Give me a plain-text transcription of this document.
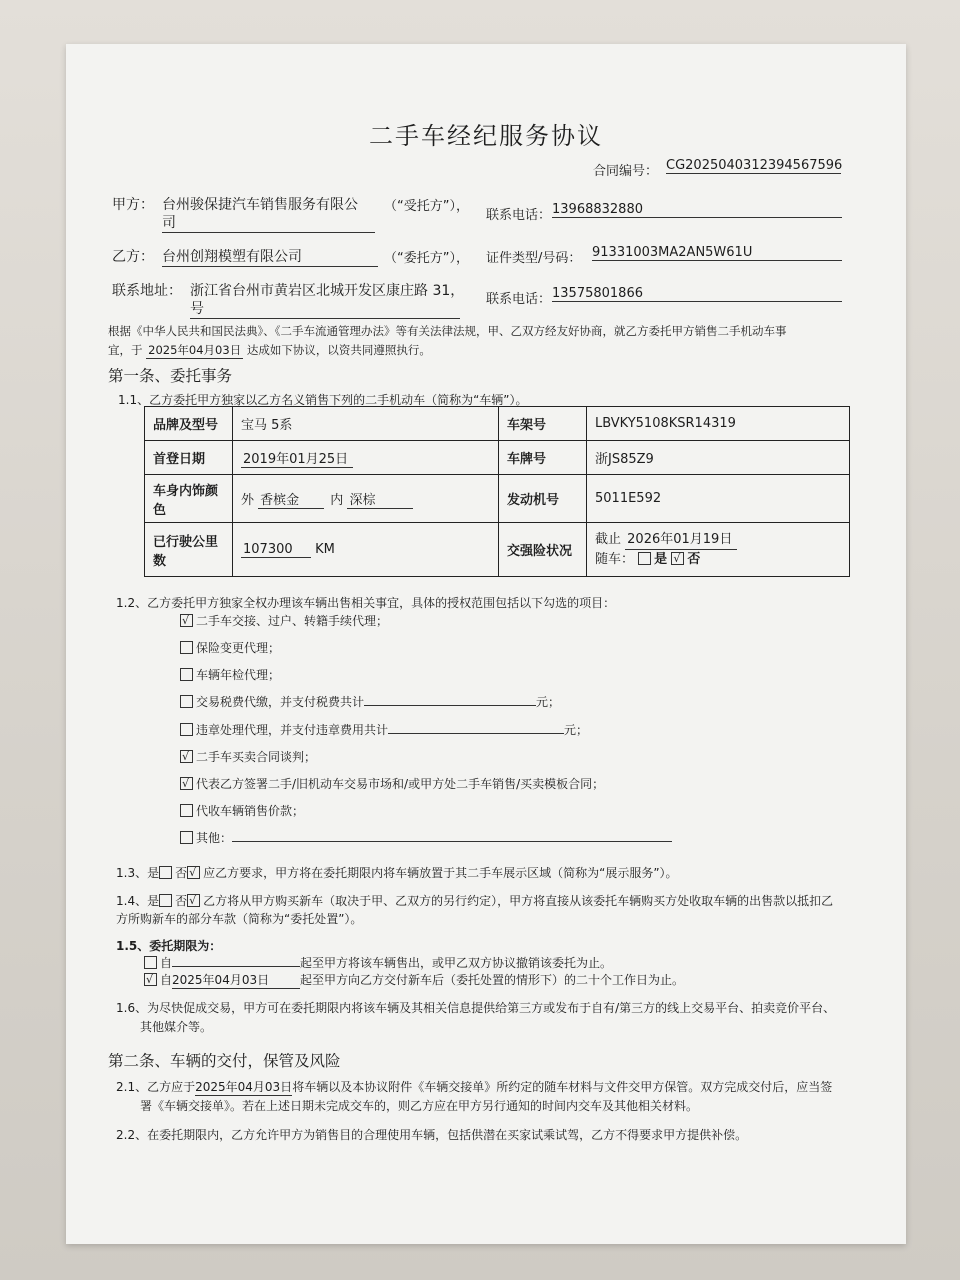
二手车经纪服务协议
合同编号： CG2025040312394567596
甲方： 台州骏保捷汽车销售服务有限公
司
（“受托方”），
联系电话： 13968832880
乙方： 台州创翔模塑有限公司	（“委托方”）， 证件类型/号码： 91331003MA2AN5W61U
联系地址： 浙江省台州市黄岩区北城开发区康庄路 31，
号
联系电话： 13575801866
根据《中华人民共和国民法典》、《二手车流通管理办法》等有关法律法规，甲、乙双方经友好协商，就乙方委托甲方销售二手机动车事
宜，于 2025年04月03日 达成如下协议，以资共同遵照执行。
第一条、委托事务
1.1、乙方委托甲方独家以乙方名义销售下列的二手机动车（简称为“车辆”）。
品牌及型号	宝马 5系	车架号	LBVKY5108KSR14319
首登日期	2019年01月25日	车牌号	浙JS85Z9
车身内饰颜
色	外 香槟金 内 深棕	发动机号	5011E592
已行驶公里
数	107300 KM	交强险状况	截止 2026年01月19日
随车： 是 √ 否
1.2、乙方委托甲方独家全权办理该车辆出售相关事宜，具体的授权范围包括以下勾选的项目：
√二手车交接、过户、转籍手续代理；
保险变更代理；
车辆年检代理；
交易税费代缴，并支付税费共计	元；
违章处理代理，并支付违章费用共计	元；
√二手车买卖合同谈判；
√代表乙方签署二手/旧机动车交易市场和/或甲方处二手车销售/买卖模板合同；
代收车辆销售价款；
其他：
1.3、是 否 √ 应乙方要求，甲方将在委托期限内将车辆放置于其二手车展示区域（简称为“展示服务”）。
1.4、是 否 √ 乙方将从甲方购买新车（取决于甲、乙双方的另行约定），甲方将直接从该委托车辆购买方处收取车辆的出售款以抵扣乙
方所购新车的部分车款（简称为“委托处置”）。
1.5、委托期限为：
自	起至甲方将该车辆售出，或甲乙双方协议撤销该委托为止。
√自2025年04月03日	起至甲方向乙方交付新车后（委托处置的情形下）的二十个工作日为止。
1.6、为尽快促成交易，甲方可在委托期限内将该车辆及其相关信息提供给第三方或发布于自有/第三方的线上交易平台、拍卖竞价平台、
其他媒介等。
第二条、车辆的交付，保管及风险
2.1、乙方应于2025年04月03日将车辆以及本协议附件《车辆交接单》所约定的随车材料与文件交甲方保管。双方完成交付后，应当签
署《车辆交接单》。若在上述日期未完成交车的，则乙方应在甲方另行通知的时间内交车及其他相关材料。
2.2、在委托期限内，乙方允许甲方为销售目的合理使用车辆，包括供潜在买家试乘试驾，乙方不得要求甲方提供补偿。
